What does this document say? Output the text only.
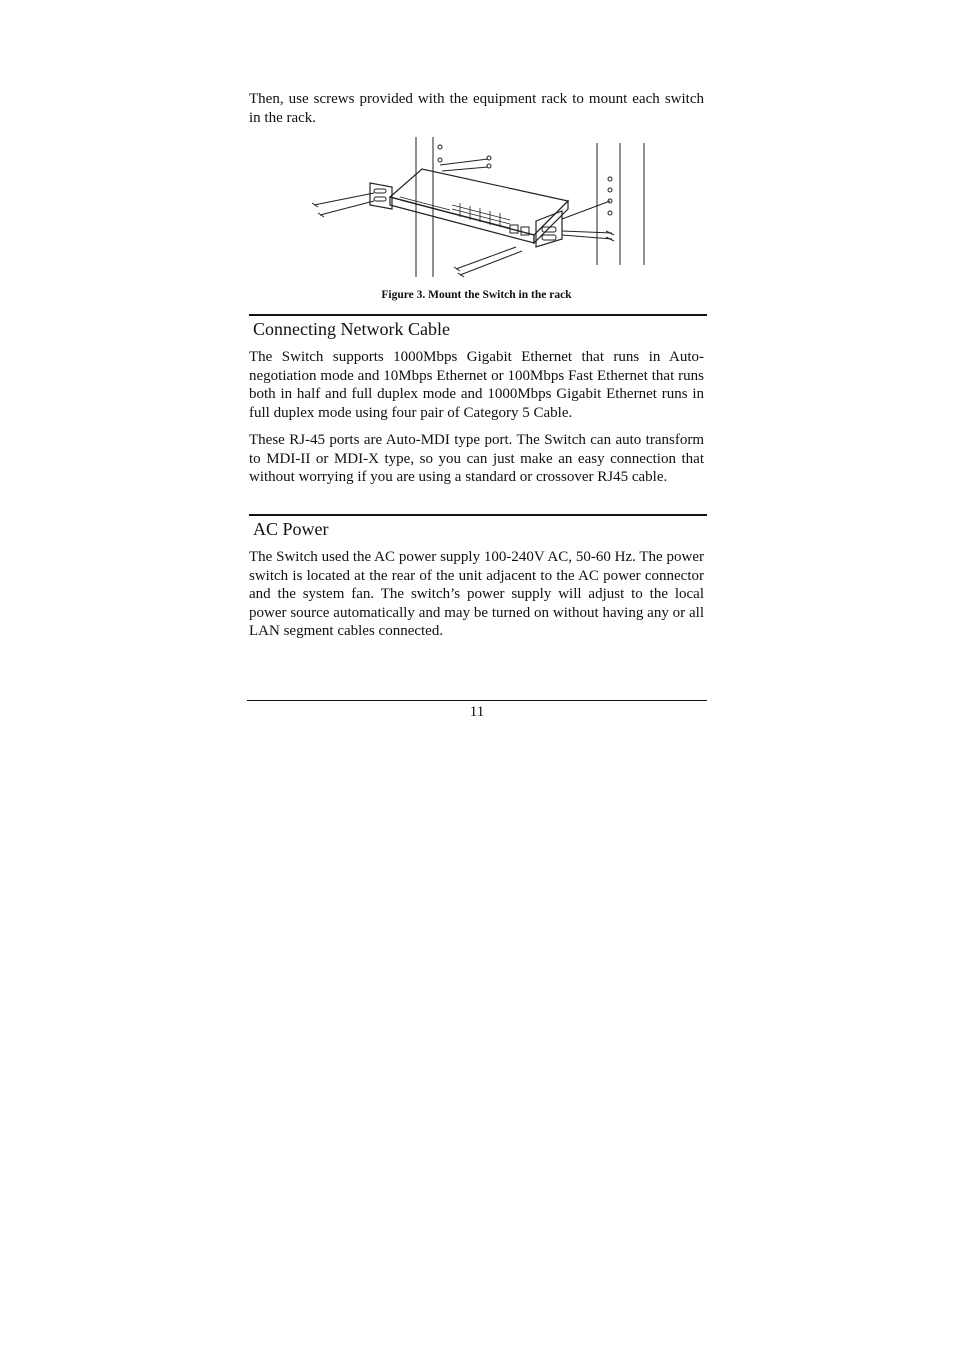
Then, use screws provided with the equipment rack to mount each switch in the rack.

Figure 3. Mount the Switch in the rack

Connecting Network Cable

The Switch supports 1000Mbps Gigabit Ethernet that runs in Auto-negotiation mode and 10Mbps Ethernet or 100Mbps Fast Ethernet that runs both in half and full duplex mode and 1000Mbps Gigabit Ethernet runs in full duplex mode using four pair of Category 5 Cable.

These RJ-45 ports are Auto-MDI type port. The Switch can auto transform to MDI-II or MDI-X type, so you can just make an easy connection that without worrying if you are using a standard or crossover RJ45 cable.

AC Power

The Switch used the AC power supply 100-240V AC, 50-60 Hz. The power switch is located at the rear of the unit adjacent to the AC power connector and the system fan. The switch’s power supply will adjust to the local power source automatically and may be turned on without having any or all LAN segment cables connected.

11
